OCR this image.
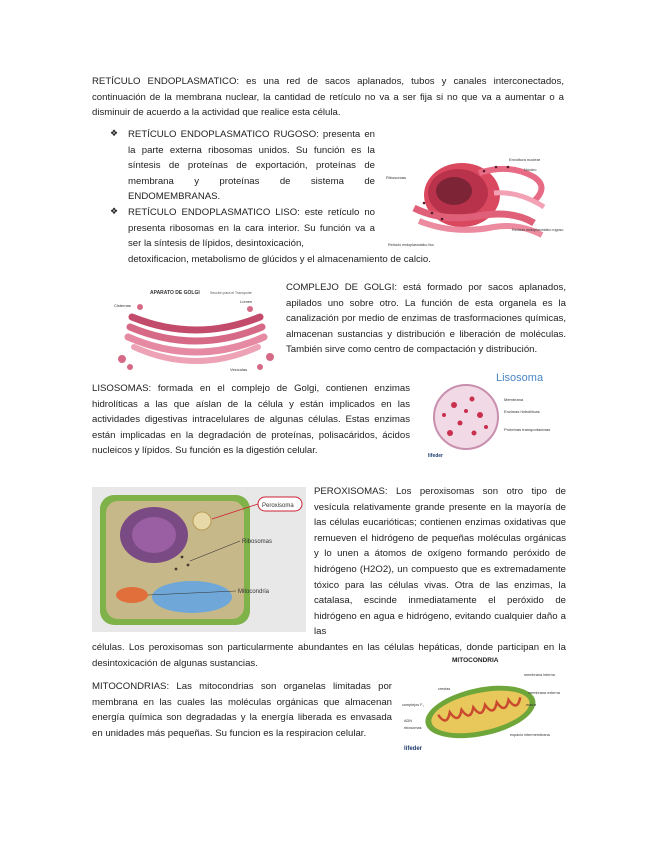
RETÍCULO ENDOPLASMATICO: es una red de sacos aplanados, tubos y canales interconectados, continuación de la membrana nuclear, la cantidad de retículo no va a ser fija si no que va a aumentar o a disminuir de acuerdo a la actividad que realice esta célula.

❖	RETÍCULO ENDOPLASMATICO RUGOSO: presenta en la parte externa ribosomas unidos. Su función es la síntesis de proteínas de exportación, proteínas de membrana y proteínas de sistema de ENDOMEMBRANAS.

❖	RETÍCULO ENDOPLASMATICO LISO: este retículo no presenta ribosomas en la cara interior. Su función va a ser la síntesis de lípidos, desintoxicación,

detoxificacion, metabolismo de glúcidos y el almacenamiento de calcio.

Envoltura nuclear
Núcleo
Ribosomas
Retículo endoplasmático rugoso
Retículo endoplasmático liso
APARATO DE GOLGI	Sección para el Transporte
Cisternas
Lúmen
Vesículas

COMPLEJO DE GOLGI: está formado por sacos aplanados, apilados uno sobre otro. La función de esta organela es la canalización por medio de enzimas de trasformaciones químicas, almacenan sustancias y distribución e liberación de moléculas. También sirve como centro de compactación y distribución.

LISOSOMAS: formada en el complejo de Golgi, contienen enzimas hidrolíticas a las que aíslan de la célula y están implicados en las actividades digestivas intracelulares de algunas células. Estas enzimas están implicadas en la degradación de proteínas, polisacáridos, ácidos nucleicos y lípidos. Su función es la digestión celular.

Lisosoma
Membrana
Enzimas hidrolíticas
Proteínas transportadoras
lifeder
Peroxisoma
Ribosomas
Mitocondria

PEROXISOMAS: Los peroxisomas son otro tipo de vesícula relativamente grande presente en la mayoría de las células eucarióticas; contienen enzimas oxidativas que remueven el hidrógeno de pequeñas moléculas orgánicas y lo unen a átomos de oxígeno formando peróxido de hidrógeno (H2O2), un compuesto que es extremadamente tóxico para las células vivas. Otra de las enzimas, la catalasa, escinde inmediatamente el peróxido de hidrógeno en agua e hidrógeno, evitando cualquier daño a las

células. Los peroxisomas son particularmente abundantes en las células hepáticas, donde participan en la desintoxicación de algunas sustancias.

MITOCONDRIAS: Las mitocondrias son organelas limitadas por membrana en las cuales las moléculas orgánicas que almacenan energía química son degradadas y la energía liberada es envasada en unidades más pequeñas. Su funcion es la respiracion celular.

MITOCONDRIA
crestas
complejos F₁
ADN
ribosomas
membrana interna
membrana externa
matriz
espacio intermembrana
lifeder
